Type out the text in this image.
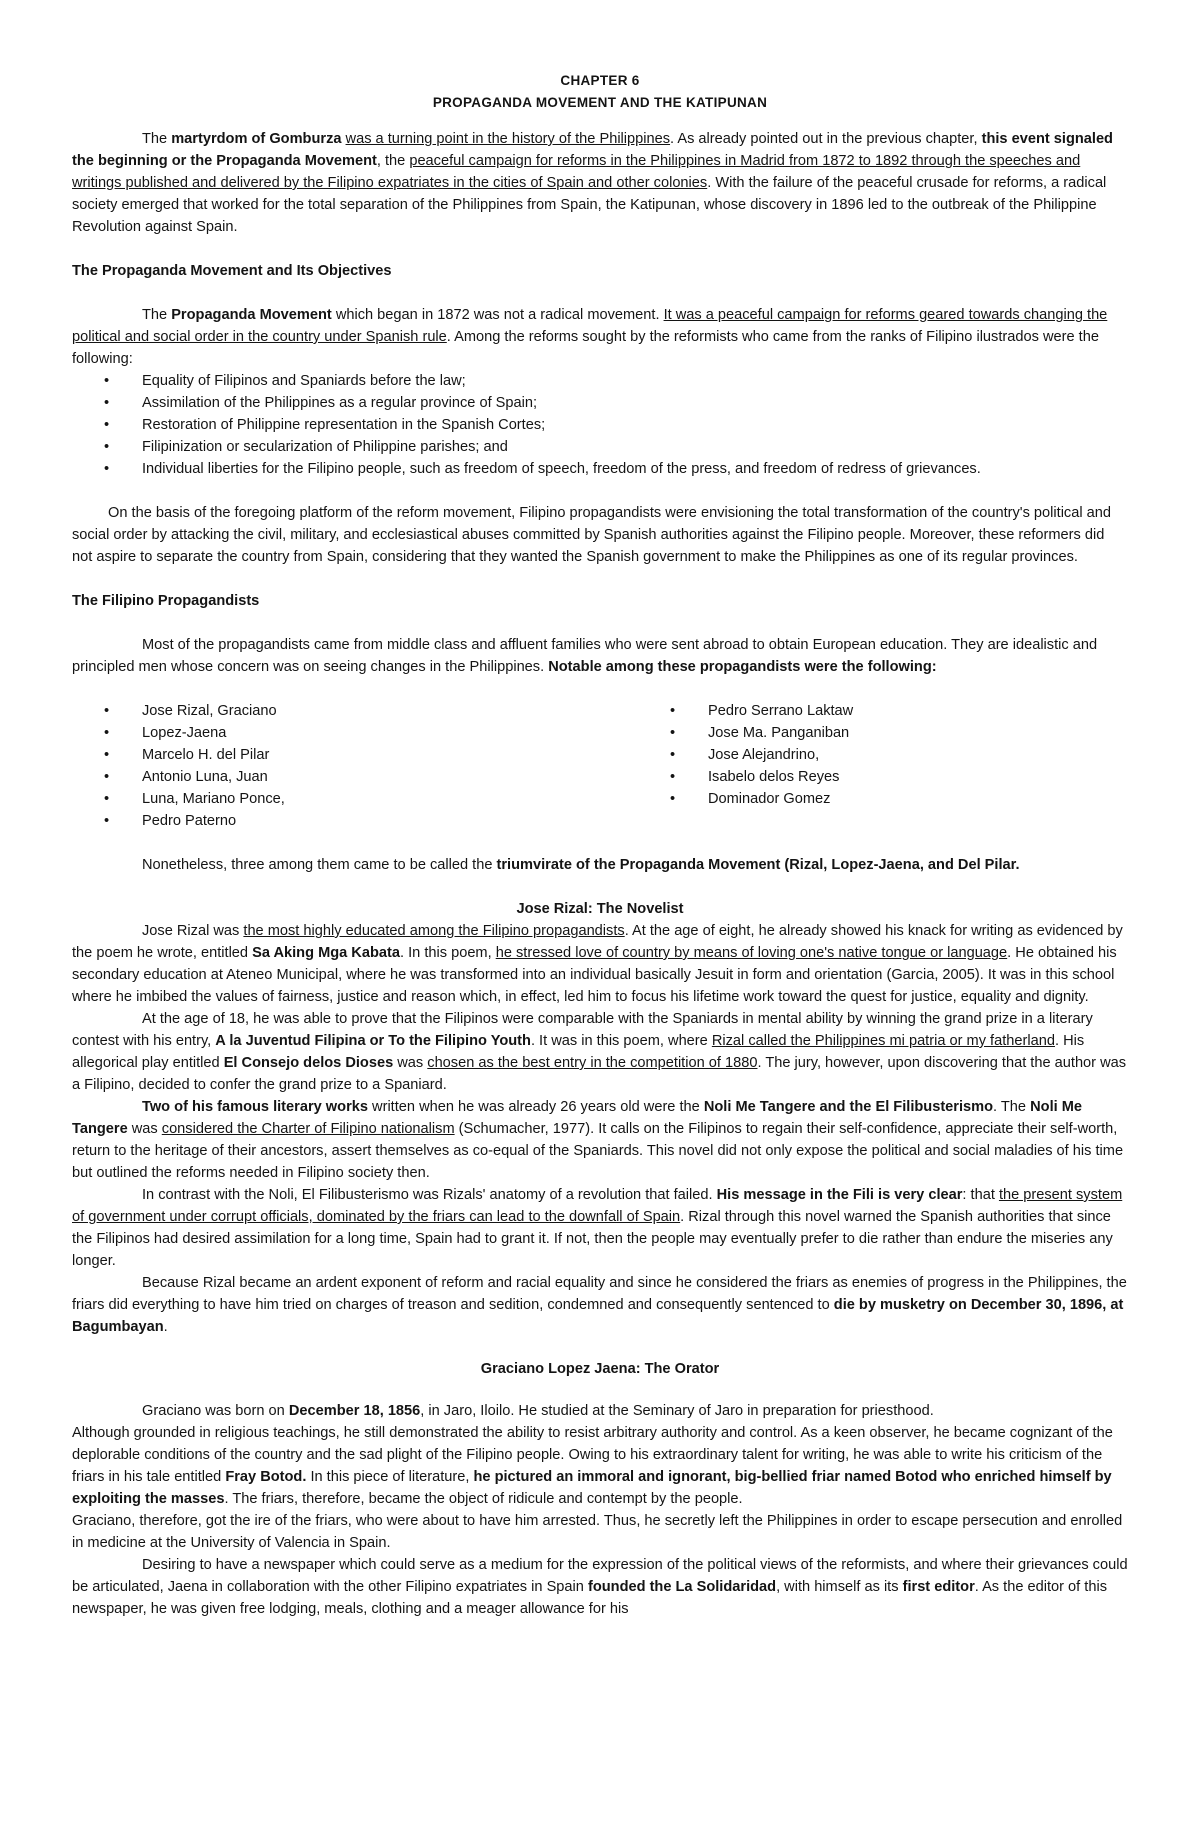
CHAPTER 6
PROPAGANDA MOVEMENT AND THE KATIPUNAN

The martyrdom of Gomburza was a turning point in the history of the Philippines. As already pointed out in the previous chapter, this event signaled the beginning or the Propaganda Movement, the peaceful campaign for reforms in the Philippines in Madrid from 1872 to 1892 through the speeches and writings published and delivered by the Filipino expatriates in the cities of Spain and other colonies. With the failure of the peaceful crusade for reforms, a radical society emerged that worked for the total separation of the Philippines from Spain, the Katipunan, whose discovery in 1896 led to the outbreak of the Philippine Revolution against Spain.

The Propaganda Movement and Its Objectives

The Propaganda Movement which began in 1872 was not a radical movement. It was a peaceful campaign for reforms geared towards changing the political and social order in the country under Spanish rule. Among the reforms sought by the reformists who came from the ranks of Filipino ilustrados were the following:

• Equality of Filipinos and Spaniards before the law;
• Assimilation of the Philippines as a regular province of Spain;
• Restoration of Philippine representation in the Spanish Cortes;
• Filipinization or secularization of Philippine parishes; and
• Individual liberties for the Filipino people, such as freedom of speech, freedom of the press, and freedom of redress of grievances.

On the basis of the foregoing platform of the reform movement, Filipino propagandists were envisioning the total transformation of the country's political and social order by attacking the civil, military, and ecclesiastical abuses committed by Spanish authorities against the Filipino people. Moreover, these reformers did not aspire to separate the country from Spain, considering that they wanted the Spanish government to make the Philippines as one of its regular provinces.

The Filipino Propagandists

Most of the propagandists came from middle class and affluent families who were sent abroad to obtain European education. They are idealistic and principled men whose concern was on seeing changes in the Philippines. Notable among these propagandists were the following:

• Jose Rizal, Graciano
• Lopez-Jaena
• Marcelo H. del Pilar
• Antonio Luna, Juan
• Luna, Mariano Ponce,
• Pedro Paterno
• Pedro Serrano Laktaw
• Jose Ma. Panganiban
• Jose Alejandrino,
• Isabelo delos Reyes
• Dominador Gomez

Nonetheless, three among them came to be called the triumvirate of the Propaganda Movement (Rizal, Lopez-Jaena, and Del Pilar.

Jose Rizal: The Novelist

Jose Rizal was the most highly educated among the Filipino propagandists. At the age of eight, he already showed his knack for writing as evidenced by the poem he wrote, entitled Sa Aking Mga Kabata. In this poem, he stressed love of country by means of loving one's native tongue or language. He obtained his secondary education at Ateneo Municipal, where he was transformed into an individual basically Jesuit in form and orientation (Garcia, 2005). It was in this school where he imbibed the values of fairness, justice and reason which, in effect, led him to focus his lifetime work toward the quest for justice, equality and dignity.

At the age of 18, he was able to prove that the Filipinos were comparable with the Spaniards in mental ability by winning the grand prize in a literary contest with his entry, A la Juventud Filipina or To the Filipino Youth. It was in this poem, where Rizal called the Philippines mi patria or my fatherland. His allegorical play entitled El Consejo delos Dioses was chosen as the best entry in the competition of 1880. The jury, however, upon discovering that the author was a Filipino, decided to confer the grand prize to a Spaniard.

Two of his famous literary works written when he was already 26 years old were the Noli Me Tangere and the El Filibusterismo. The Noli Me Tangere was considered the Charter of Filipino nationalism (Schumacher, 1977). It calls on the Filipinos to regain their self-confidence, appreciate their self-worth, return to the heritage of their ancestors, assert themselves as co-equal of the Spaniards. This novel did not only expose the political and social maladies of his time but outlined the reforms needed in Filipino society then.

In contrast with the Noli, El Filibusterismo was Rizals' anatomy of a revolution that failed. His message in the Fili is very clear: that the present system of government under corrupt officials, dominated by the friars can lead to the downfall of Spain. Rizal through this novel warned the Spanish authorities that since the Filipinos had desired assimilation for a long time, Spain had to grant it. If not, then the people may eventually prefer to die rather than endure the miseries any longer.

Because Rizal became an ardent exponent of reform and racial equality and since he considered the friars as enemies of progress in the Philippines, the friars did everything to have him tried on charges of treason and sedition, condemned and consequently sentenced to die by musketry on December 30, 1896, at Bagumbayan.

Graciano Lopez Jaena: The Orator

Graciano was born on December 18, 1856, in Jaro, Iloilo. He studied at the Seminary of Jaro in preparation for priesthood.

Although grounded in religious teachings, he still demonstrated the ability to resist arbitrary authority and control. As a keen observer, he became cognizant of the deplorable conditions of the country and the sad plight of the Filipino people. Owing to his extraordinary talent for writing, he was able to write his criticism of the friars in his tale entitled Fray Botod. In this piece of literature, he pictured an immoral and ignorant, big-bellied friar named Botod who enriched himself by exploiting the masses. The friars, therefore, became the object of ridicule and contempt by the people.

Graciano, therefore, got the ire of the friars, who were about to have him arrested. Thus, he secretly left the Philippines in order to escape persecution and enrolled in medicine at the University of Valencia in Spain.

Desiring to have a newspaper which could serve as a medium for the expression of the political views of the reformists, and where their grievances could be articulated, Jaena in collaboration with the other Filipino expatriates in Spain founded the La Solidaridad, with himself as its first editor. As the editor of this newspaper, he was given free lodging, meals, clothing and a meager allowance for his
